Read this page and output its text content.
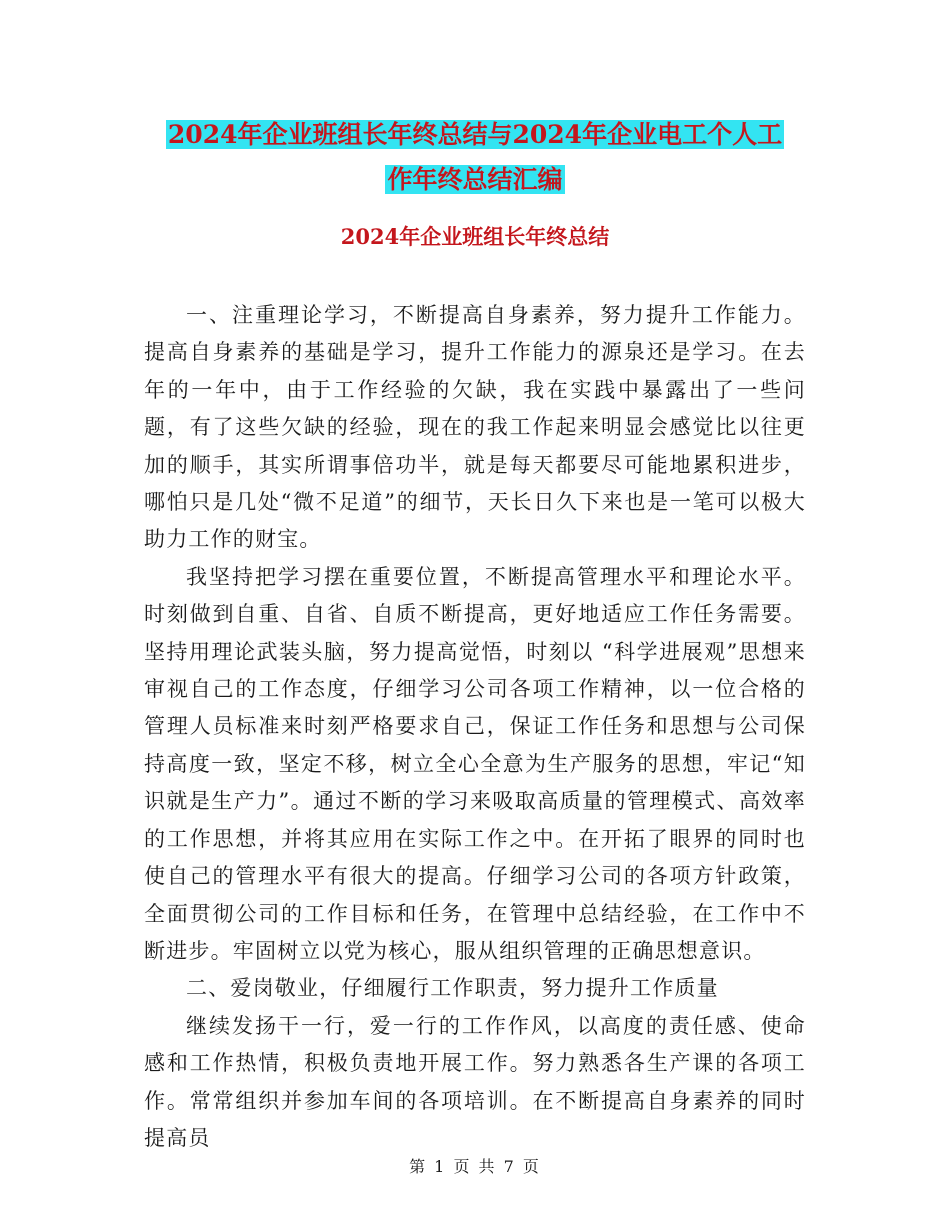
2024年企业班组长年终总结与2024年企业电工个人工
作年终总结汇编
2024年企业班组长年终总结

一、注重理论学习，不断提高自身素养，努力提升工作能力。提高自身素养的基础是学习，提升工作能力的源泉还是学习。在去年的一年中，由于工作经验的欠缺，我在实践中暴露出了一些问题，有了这些欠缺的经验，现在的我工作起来明显会感觉比以往更加的顺手，其实所谓事倍功半，就是每天都要尽可能地累积进步，哪怕只是几处“微不足道”的细节，天长日久下来也是一笔可以极大助力工作的财宝。

我坚持把学习摆在重要位置，不断提高管理水平和理论水平。时刻做到自重、自省、自质不断提高，更好地适应工作任务需要。坚持用理论武装头脑，努力提高觉悟，时刻以 “科学进展观”思想来审视自己的工作态度，仔细学习公司各项工作精神，以一位合格的管理人员标准来时刻严格要求自己，保证工作任务和思想与公司保持高度一致，坚定不移，树立全心全意为生产服务的思想，牢记“知识就是生产力”。通过不断的学习来吸取高质量的管理模式、高效率的工作思想，并将其应用在实际工作之中。在开拓了眼界的同时也使自己的管理水平有很大的提高。仔细学习公司的各项方针政策，全面贯彻公司的工作目标和任务，在管理中总结经验，在工作中不断进步。牢固树立以党为核心，服从组织管理的正确思想意识。

二、爱岗敬业，仔细履行工作职责，努力提升工作质量

继续发扬干一行，爱一行的工作作风，以高度的责任感、使命感和工作热情，积极负责地开展工作。努力熟悉各生产课的各项工作。常常组织并参加车间的各项培训。在不断提高自身素养的同时提高员

第 1 页 共 7 页
